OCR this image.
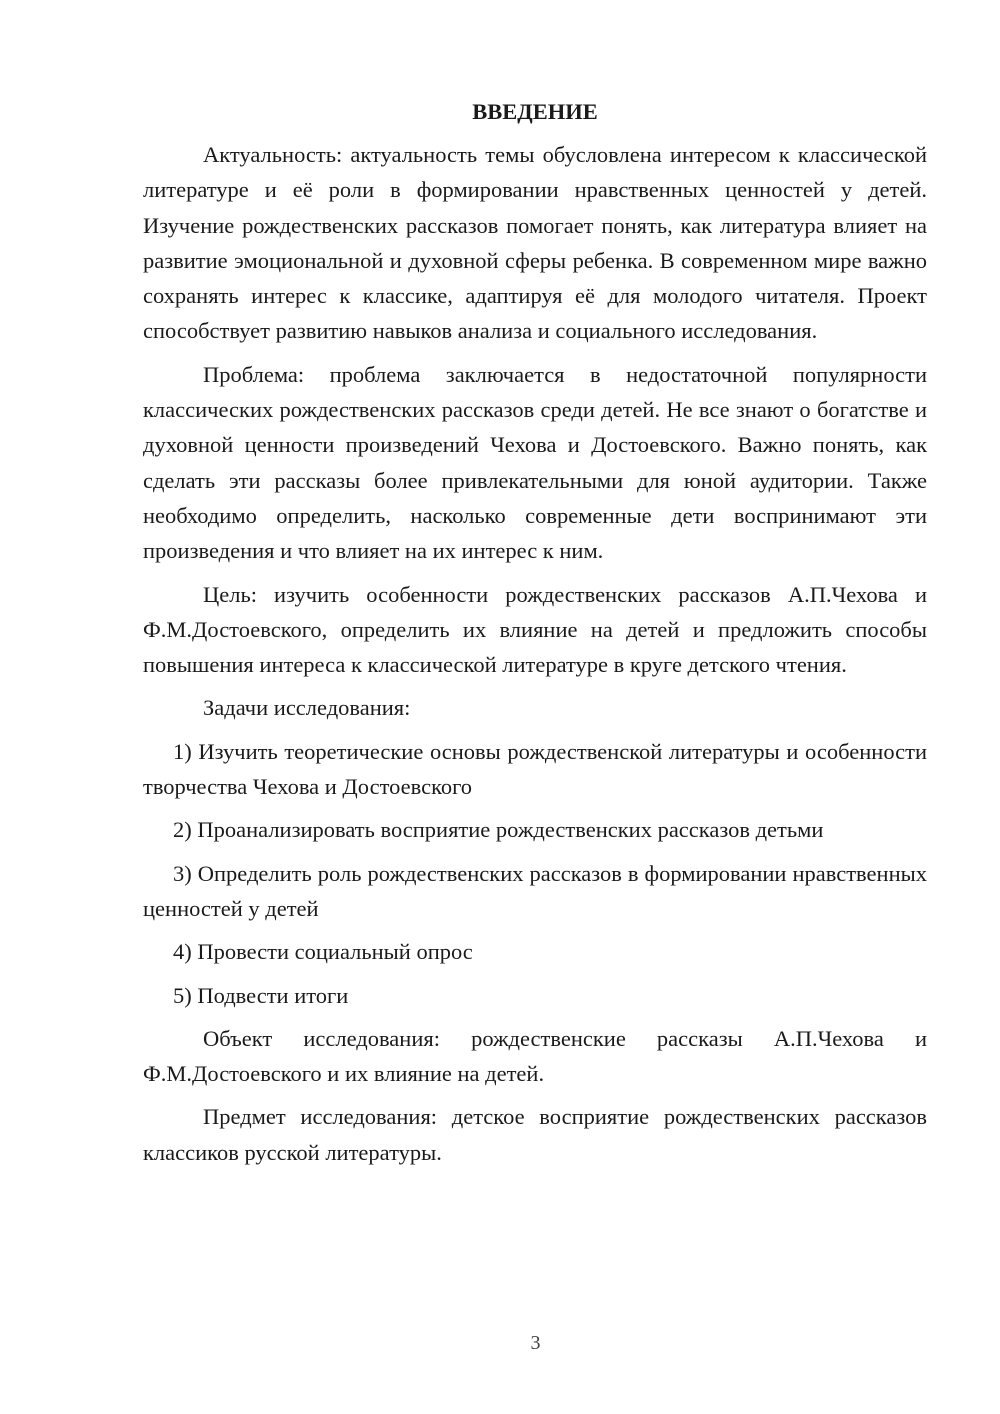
ВВЕДЕНИЕ

Актуальность: актуальность темы обусловлена интересом к классической литературе и её роли в формировании нравственных ценностей у детей. Изучение рождественских рассказов помогает понять, как литература влияет на развитие эмоциональной и духовной сферы ребенка. В современном мире важно сохранять интерес к классике, адаптируя её для молодого читателя. Проект способствует развитию навыков анализа и социального исследования.

Проблема: проблема заключается в недостаточной популярности классических рождественских рассказов среди детей. Не все знают о богатстве и духовной ценности произведений Чехова и Достоевского. Важно понять, как сделать эти рассказы более привлекательными для юной аудитории. Также необходимо определить, насколько современные дети воспринимают эти произведения и что влияет на их интерес к ним.

Цель: изучить особенности рождественских рассказов А.П.Чехова и Ф.М.Достоевского, определить их влияние на детей и предложить способы повышения интереса к классической литературе в круге детского чтения.

Задачи исследования:

1) Изучить теоретические основы рождественской литературы и особенности творчества Чехова и Достоевского

2) Проанализировать восприятие рождественских рассказов детьми

3) Определить роль рождественских рассказов в формировании нравственных ценностей у детей

4) Провести социальный опрос

5) Подвести итоги

Объект исследования: рождественские рассказы А.П.Чехова и Ф.М.Достоевского и их влияние на детей.

Предмет исследования: детское восприятие рождественских рассказов классиков русской литературы.

3
